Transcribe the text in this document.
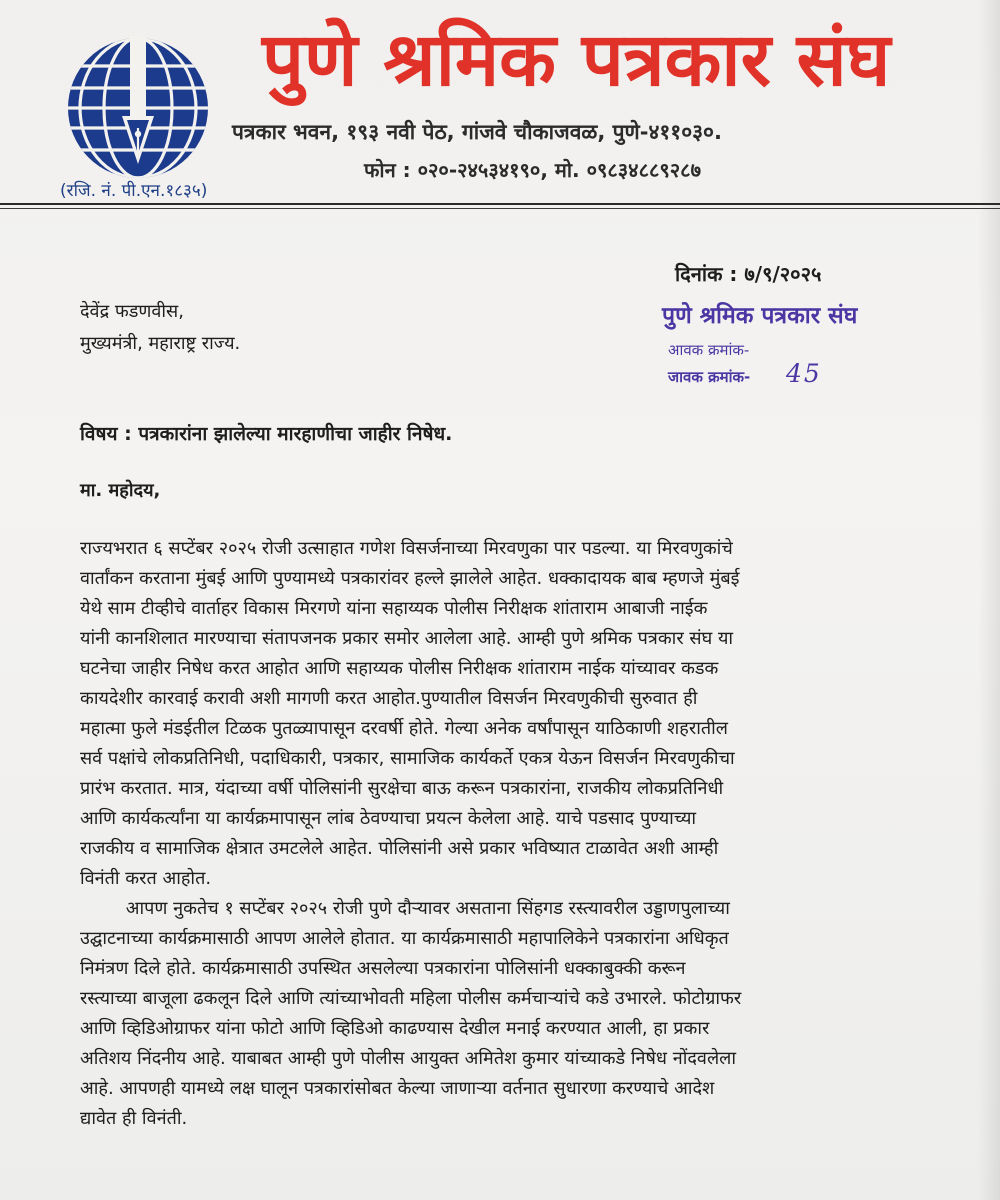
(रजि. नं. पी.एन.१८३५)
पुणे श्रमिक पत्रकार संघ
पत्रकार भवन, १९३ नवी पेठ, गांजवे चौकाजवळ, पुणे-४११०३०.
फोन : ०२०-२४५३४१९०, मो. ०९८३४८८९२८७
दिनांक : ७/९/२०२५
पुणे श्रमिक पत्रकार संघ
आवक क्रमांक-
जावक क्रमांक- 45
देवेंद्र फडणवीस,
मुख्यमंत्री, महाराष्ट्र राज्य.
विषय : पत्रकारांना झालेल्या मारहाणीचा जाहीर निषेध.
मा. महोदय,
राज्यभरात ६ सप्टेंबर २०२५ रोजी उत्साहात गणेश विसर्जनाच्या मिरवणुका पार पडल्या. या मिरवणुकांचे
वार्तांकन करताना मुंबई आणि पुण्यामध्ये पत्रकारांवर हल्ले झालेले आहेत. धक्कादायक बाब म्हणजे मुंबई
येथे साम टीव्हीचे वार्ताहर विकास मिरगणे यांना सहाय्यक पोलीस निरीक्षक शांताराम आबाजी नाईक
यांनी कानशिलात मारण्याचा संतापजनक प्रकार समोर आलेला आहे. आम्ही पुणे श्रमिक पत्रकार संघ या
घटनेचा जाहीर निषेध करत आहोत आणि सहाय्यक पोलीस निरीक्षक शांताराम नाईक यांच्यावर कडक
कायदेशीर कारवाई करावी अशी मागणी करत आहोत.पुण्यातील विसर्जन मिरवणुकीची सुरुवात ही
महात्मा फुले मंडईतील टिळक पुतळ्यापासून दरवर्षी होते. गेल्या अनेक वर्षांपासून याठिकाणी शहरातील
सर्व पक्षांचे लोकप्रतिनिधी, पदाधिकारी, पत्रकार, सामाजिक कार्यकर्ते एकत्र येऊन विसर्जन मिरवणुकीचा
प्रारंभ करतात. मात्र, यंदाच्या वर्षी पोलिसांनी सुरक्षेचा बाऊ करून पत्रकारांना, राजकीय लोकप्रतिनिधी
आणि कार्यकर्त्यांना या कार्यक्रमापासून लांब ठेवण्याचा प्रयत्न केलेला आहे. याचे पडसाद पुण्याच्या
राजकीय व सामाजिक क्षेत्रात उमटलेले आहेत. पोलिसांनी असे प्रकार भविष्यात टाळावेत अशी आम्ही
विनंती करत आहोत.
आपण नुकतेच १ सप्टेंबर २०२५ रोजी पुणे दौऱ्यावर असताना सिंहगड रस्त्यावरील उड्डाणपुलाच्या
उद्घाटनाच्या कार्यक्रमासाठी आपण आलेले होतात. या कार्यक्रमासाठी महापालिकेने पत्रकारांना अधिकृत
निमंत्रण दिले होते. कार्यक्रमासाठी उपस्थित असलेल्या पत्रकारांना पोलिसांनी धक्काबुक्की करून
रस्त्याच्या बाजूला ढकलून दिले आणि त्यांच्याभोवती महिला पोलीस कर्मचाऱ्यांचे कडे उभारले. फोटोग्राफर
आणि व्हिडिओग्राफर यांना फोटो आणि व्हिडिओ काढण्यास देखील मनाई करण्यात आली, हा प्रकार
अतिशय निंदनीय आहे. याबाबत आम्ही पुणे पोलीस आयुक्त अमितेश कुमार यांच्याकडे निषेध नोंदवलेला
आहे. आपणही यामध्ये लक्ष घालून पत्रकारांसोबत केल्या जाणाऱ्या वर्तनात सुधारणा करण्याचे आदेश
द्यावेत ही विनंती.
